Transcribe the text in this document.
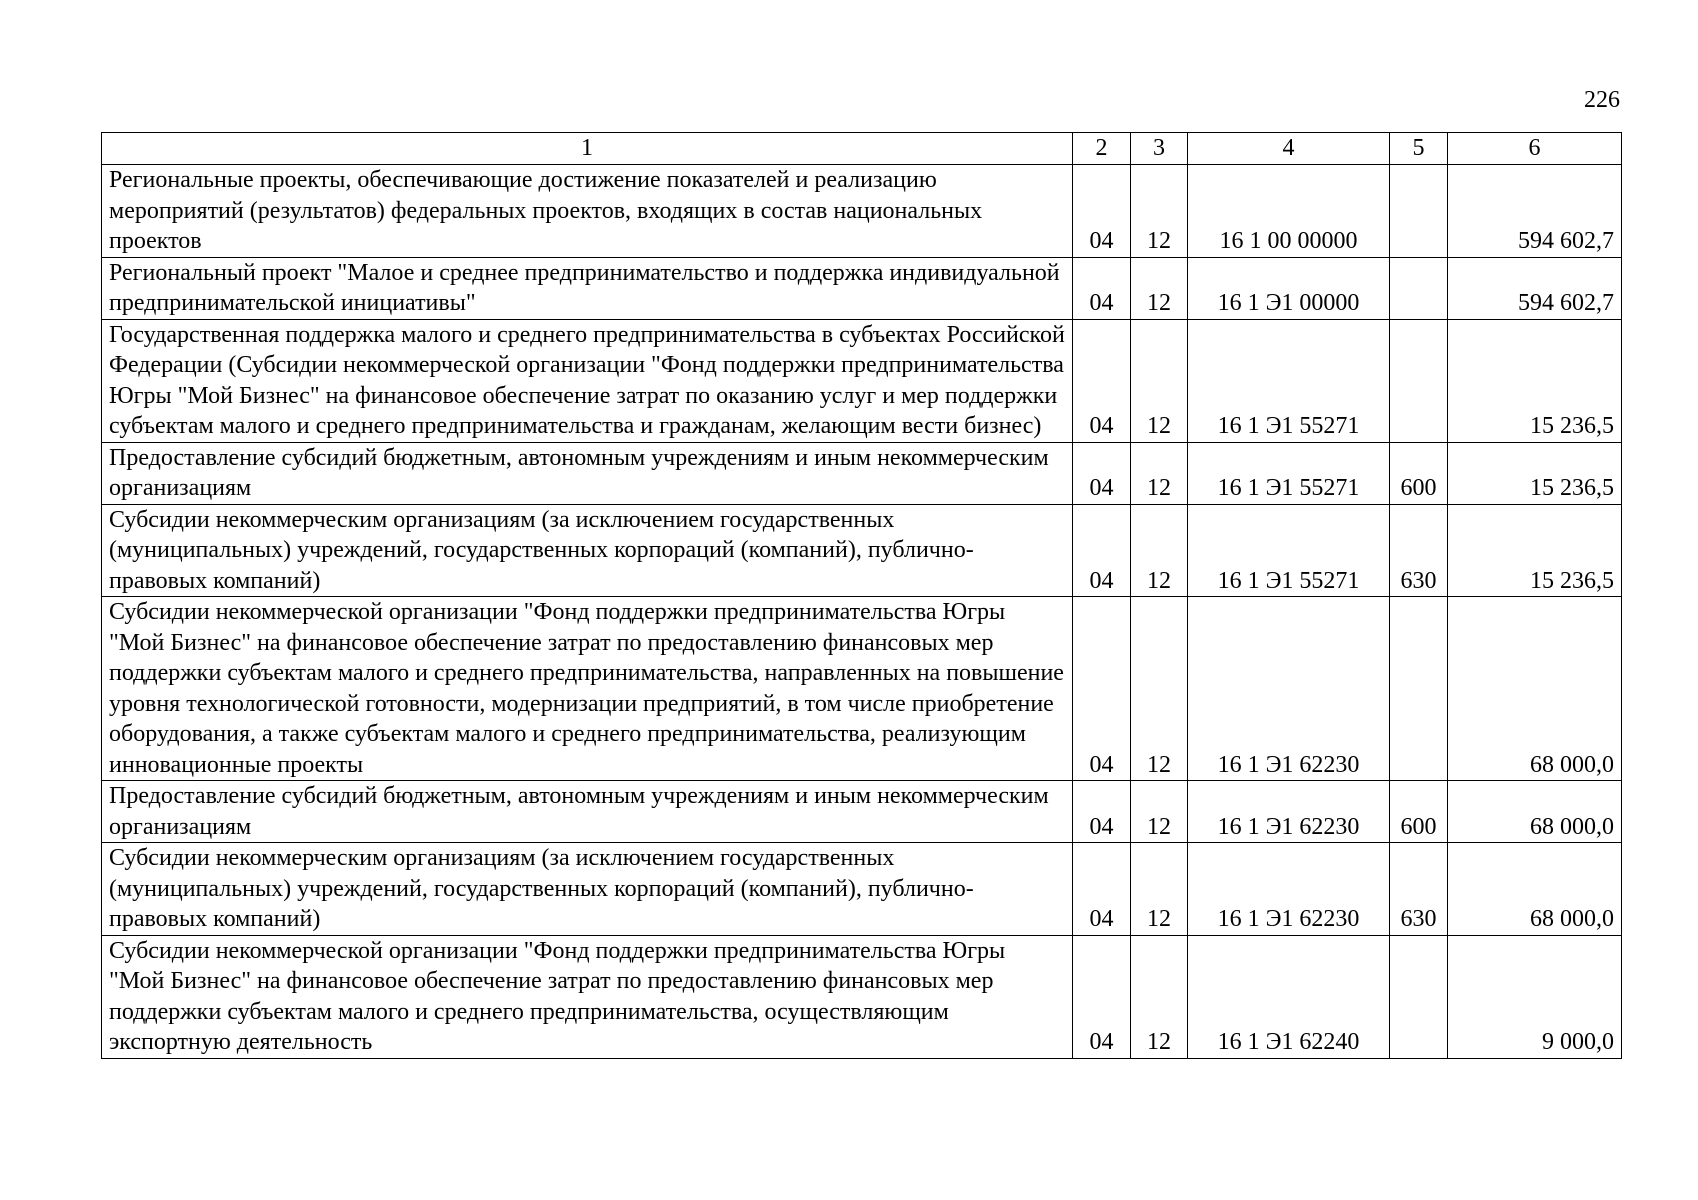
226
1	2	3	4	5	6
Региональные проекты, обеспечивающие достижение показателей и реализацию мероприятий (результатов) федеральных проектов, входящих в состав национальных проектов	04	12	16 1 00 00000		594 602,7
Региональный проект "Малое и среднее предпринимательство и поддержка индивидуальной предпринимательской инициативы"	04	12	16 1 Э1 00000		594 602,7
Государственная поддержка малого и среднего предпринимательства в субъектах Российской Федерации (Субсидии некоммерческой организации "Фонд поддержки предпринимательства Югры "Мой Бизнес" на финансовое обеспечение затрат по оказанию услуг и мер поддержки субъектам малого и среднего предпринимательства и гражданам, желающим вести бизнес)	04	12	16 1 Э1 55271		15 236,5
Предоставление субсидий бюджетным, автономным учреждениям и иным некоммерческим организациям	04	12	16 1 Э1 55271	600	15 236,5
Субсидии некоммерческим организациям (за исключением государственных (муниципальных) учреждений, государственных корпораций (компаний), публично-правовых компаний)	04	12	16 1 Э1 55271	630	15 236,5
Субсидии некоммерческой организации "Фонд поддержки предпринимательства Югры "Мой Бизнес" на финансовое обеспечение затрат по предоставлению финансовых мер поддержки субъектам малого и среднего предпринимательства, направленных на повышение уровня технологической готовности, модернизации предприятий, в том числе приобретение оборудования, а также субъектам малого и среднего предпринимательства, реализующим инновационные проекты	04	12	16 1 Э1 62230		68 000,0
Предоставление субсидий бюджетным, автономным учреждениям и иным некоммерческим организациям	04	12	16 1 Э1 62230	600	68 000,0
Субсидии некоммерческим организациям (за исключением государственных (муниципальных) учреждений, государственных корпораций (компаний), публично-правовых компаний)	04	12	16 1 Э1 62230	630	68 000,0
Субсидии некоммерческой организации "Фонд поддержки предпринимательства Югры "Мой Бизнес" на финансовое обеспечение затрат по предоставлению финансовых мер поддержки субъектам малого и среднего предпринимательства, осуществляющим экспортную деятельность	04	12	16 1 Э1 62240		9 000,0
